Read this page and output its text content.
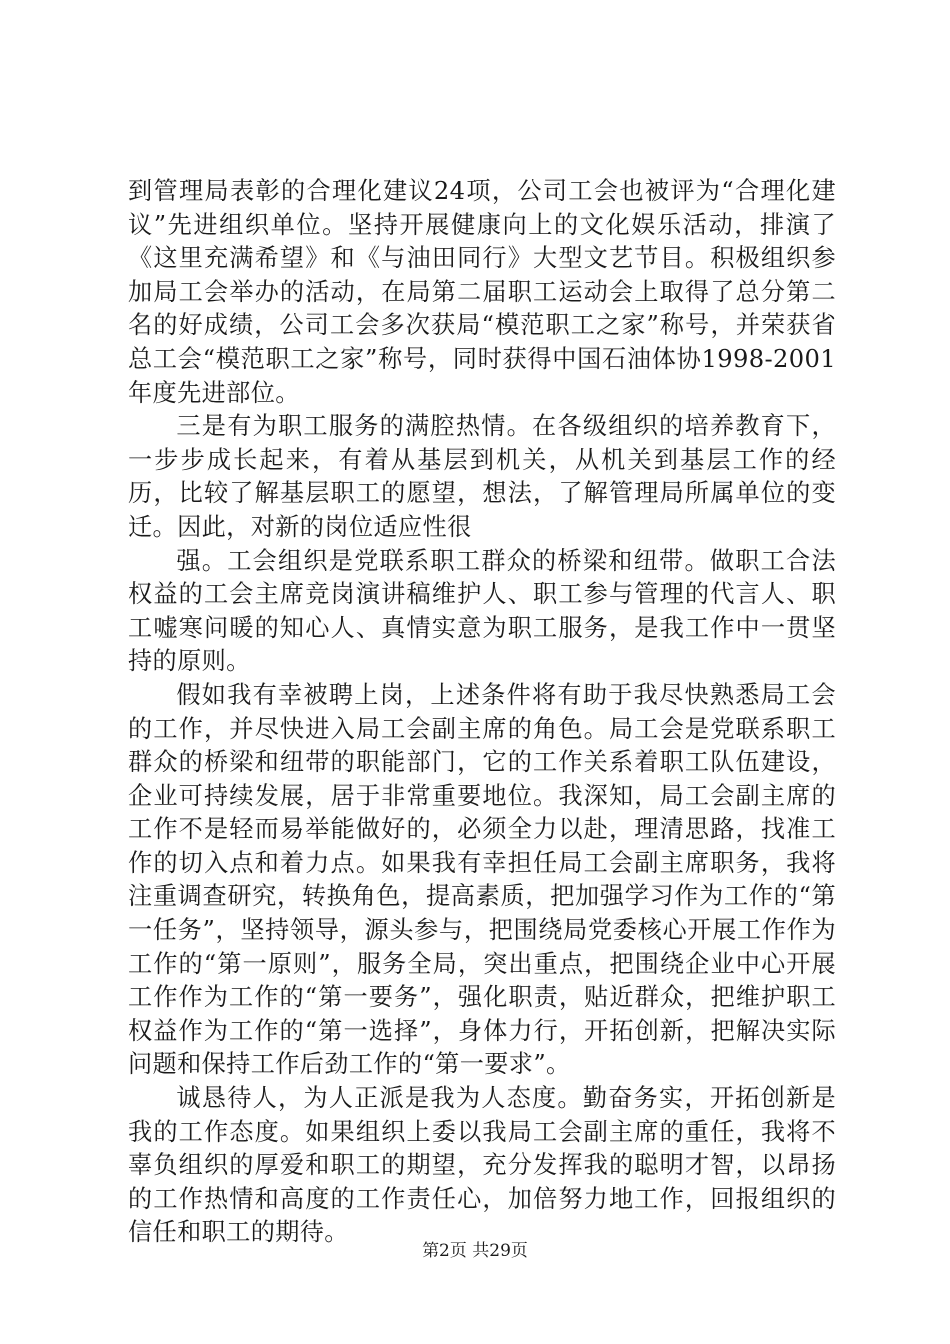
到管理局表彰的合理化建议24项，公司工会也被评为“合理化建议”先进组织单位。坚持开展健康向上的文化娱乐活动，排演了《这里充满希望》和《与油田同行》大型文艺节目。积极组织参加局工会举办的活动，在局第二届职工运动会上取得了总分第二名的好成绩，公司工会多次获局“模范职工之家”称号，并荣获省总工会“模范职工之家”称号，同时获得中国石油体协1998-2001年度先进部位。

三是有为职工服务的满腔热情。在各级组织的培养教育下，一步步成长起来，有着从基层到机关，从机关到基层工作的经历，比较了解基层职工的愿望，想法，了解管理局所属单位的变迁。因此，对新的岗位适应性很

强。工会组织是党联系职工群众的桥梁和纽带。做职工合法权益的工会主席竞岗演讲稿维护人、职工参与管理的代言人、职工嘘寒问暖的知心人、真情实意为职工服务，是我工作中一贯坚持的原则。

假如我有幸被聘上岗，上述条件将有助于我尽快熟悉局工会的工作，并尽快进入局工会副主席的角色。局工会是党联系职工群众的桥梁和纽带的职能部门，它的工作关系着职工队伍建设，企业可持续发展，居于非常重要地位。我深知，局工会副主席的工作不是轻而易举能做好的，必须全力以赴，理清思路，找准工作的切入点和着力点。如果我有幸担任局工会副主席职务，我将注重调查研究，转换角色，提高素质，把加强学习作为工作的“第一任务”，坚持领导，源头参与，把围绕局党委核心开展工作作为工作的“第一原则”，服务全局，突出重点，把围绕企业中心开展工作作为工作的“第一要务”，强化职责，贴近群众，把维护职工权益作为工作的“第一选择”，身体力行，开拓创新，把解决实际问题和保持工作后劲工作的“第一要求”。

诚恳待人，为人正派是我为人态度。勤奋务实，开拓创新是我的工作态度。如果组织上委以我局工会副主席的重任，我将不辜负组织的厚爱和职工的期望，充分发挥我的聪明才智，以昂扬的工作热情和高度的工作责任心，加倍努力地工作，回报组织的信任和职工的期待。

第2页 共29页
